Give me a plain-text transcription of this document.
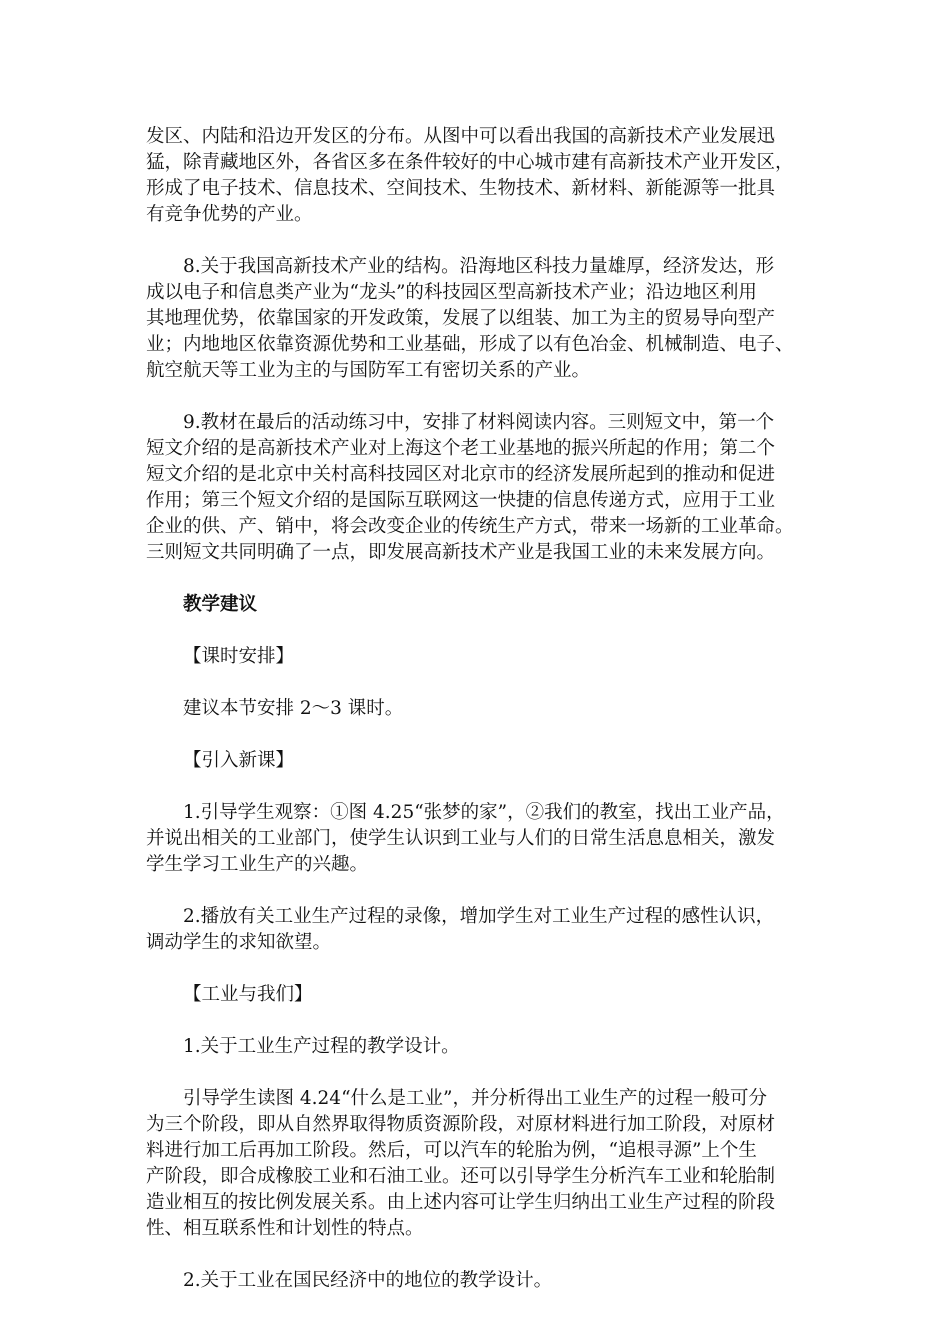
发区、内陆和沿边开发区的分布。从图中可以看出我国的高新技术产业发展迅
猛，除青藏地区外，各省区多在条件较好的中心城市建有高新技术产业开发区，
形成了电子技术、信息技术、空间技术、生物技术、新材料、新能源等一批具
有竞争优势的产业。
8.关于我国高新技术产业的结构。沿海地区科技力量雄厚，经济发达，形
成以电子和信息类产业为“龙头”的科技园区型高新技术产业；沿边地区利用
其地理优势，依靠国家的开发政策，发展了以组装、加工为主的贸易导向型产
业；内地地区依靠资源优势和工业基础，形成了以有色冶金、机械制造、电子、
航空航天等工业为主的与国防军工有密切关系的产业。
9.教材在最后的活动练习中，安排了材料阅读内容。三则短文中，第一个
短文介绍的是高新技术产业对上海这个老工业基地的振兴所起的作用；第二个
短文介绍的是北京中关村高科技园区对北京市的经济发展所起到的推动和促进
作用；第三个短文介绍的是国际互联网这一快捷的信息传递方式，应用于工业
企业的供、产、销中，将会改变企业的传统生产方式，带来一场新的工业革命。
三则短文共同明确了一点，即发展高新技术产业是我国工业的未来发展方向。
教学建议
【课时安排】
建议本节安排 2～3 课时。
【引入新课】
1.引导学生观察：①图 4.25“张梦的家”，②我们的教室，找出工业产品，
并说出相关的工业部门，使学生认识到工业与人们的日常生活息息相关，激发
学生学习工业生产的兴趣。
2.播放有关工业生产过程的录像，增加学生对工业生产过程的感性认识，
调动学生的求知欲望。
【工业与我们】
1.关于工业生产过程的教学设计。
引导学生读图 4.24“什么是工业”，并分析得出工业生产的过程一般可分
为三个阶段，即从自然界取得物质资源阶段，对原材料进行加工阶段，对原材
料进行加工后再加工阶段。然后，可以汽车的轮胎为例，“追根寻源”上个生
产阶段，即合成橡胶工业和石油工业。还可以引导学生分析汽车工业和轮胎制
造业相互的按比例发展关系。由上述内容可让学生归纳出工业生产过程的阶段
性、相互联系性和计划性的特点。
2.关于工业在国民经济中的地位的教学设计。
